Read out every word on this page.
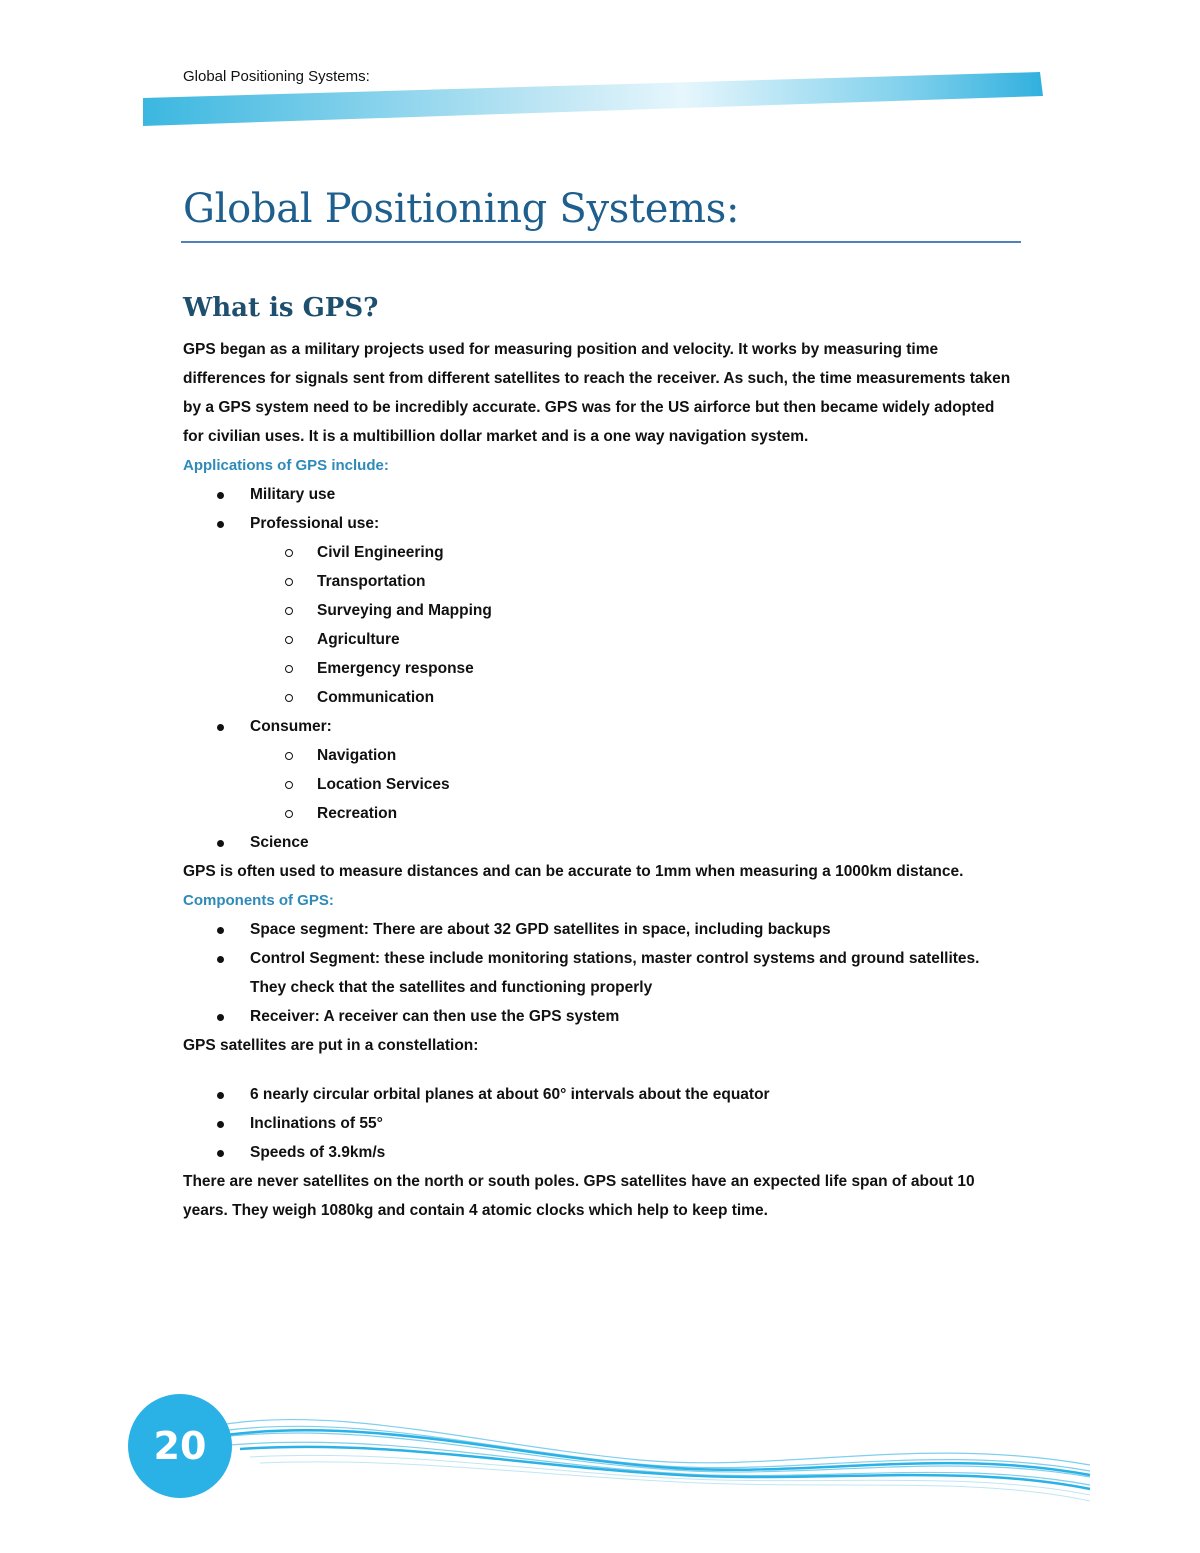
Global Positioning Systems:
Global Positioning Systems:
What is GPS?

GPS began as a military projects used for measuring position and velocity. It works by measuring time differences for signals sent from different satellites to reach the receiver. As such, the time measurements taken by a GPS system need to be incredibly accurate. GPS was for the US airforce but then became widely adopted for civilian uses. It is a multibillion dollar market and is a one way navigation system.

Applications of GPS include:

Military use
Professional use:
Civil Engineering
Transportation
Surveying and Mapping
Agriculture
Emergency response
Communication
Consumer:
Navigation
Location Services
Recreation
Science

GPS is often used to measure distances and can be accurate to 1mm when measuring a 1000km distance.

Components of GPS:

Space segment: There are about 32 GPD satellites in space, including backups
Control Segment: these include monitoring stations, master control systems and ground satellites. They check that the satellites and functioning properly
Receiver: A receiver can then use the GPS system

GPS satellites are put in a constellation:

6 nearly circular orbital planes at about 60° intervals about the equator
Inclinations of 55°
Speeds of 3.9km/s

There are never satellites on the north or south poles. GPS satellites have an expected life span of about 10 years. They weigh 1080kg and contain 4 atomic clocks which help to keep time.

20
